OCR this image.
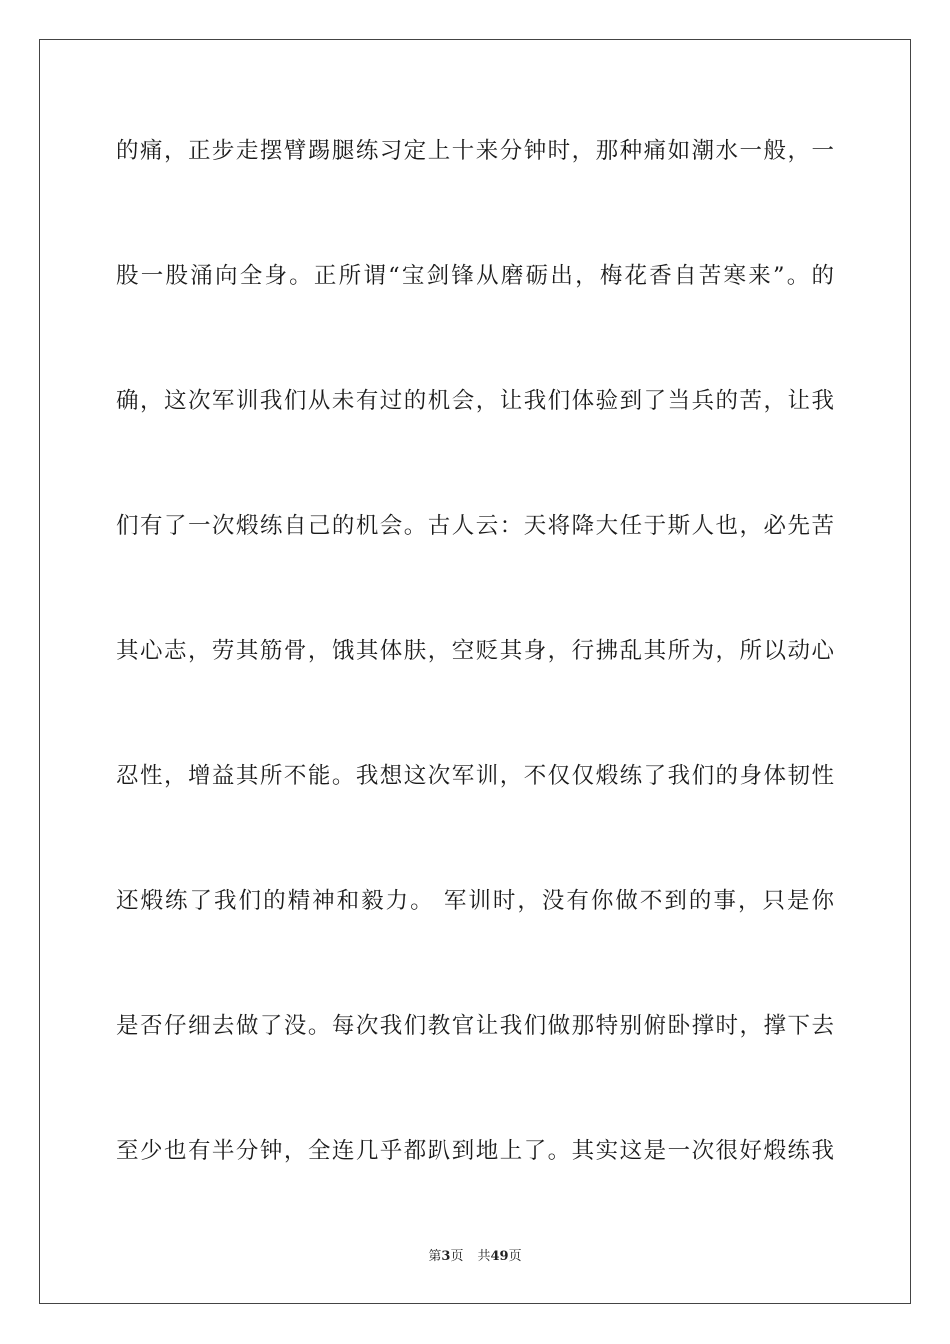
的痛，正步走摆臂踢腿练习定上十来分钟时，那种痛如潮水一般，一
股一股涌向全身。正所谓“宝剑锋从磨砺出，梅花香自苦寒来”。的
确，这次军训我们从未有过的机会，让我们体验到了当兵的苦，让我
们有了一次煅练自己的机会。古人云：天将降大任于斯人也，必先苦
其心志，劳其筋骨，饿其体肤，空贬其身，行拂乱其所为，所以动心
忍性，增益其所不能。我想这次军训，不仅仅煅练了我们的身体韧性
还煅练了我们的精神和毅力。 军训时，没有你做不到的事，只是你
是否仔细去做了没。每次我们教官让我们做那特别俯卧撑时，撑下去
至少也有半分钟，全连几乎都趴到地上了。其实这是一次很好煅练我
第3页 共49页
